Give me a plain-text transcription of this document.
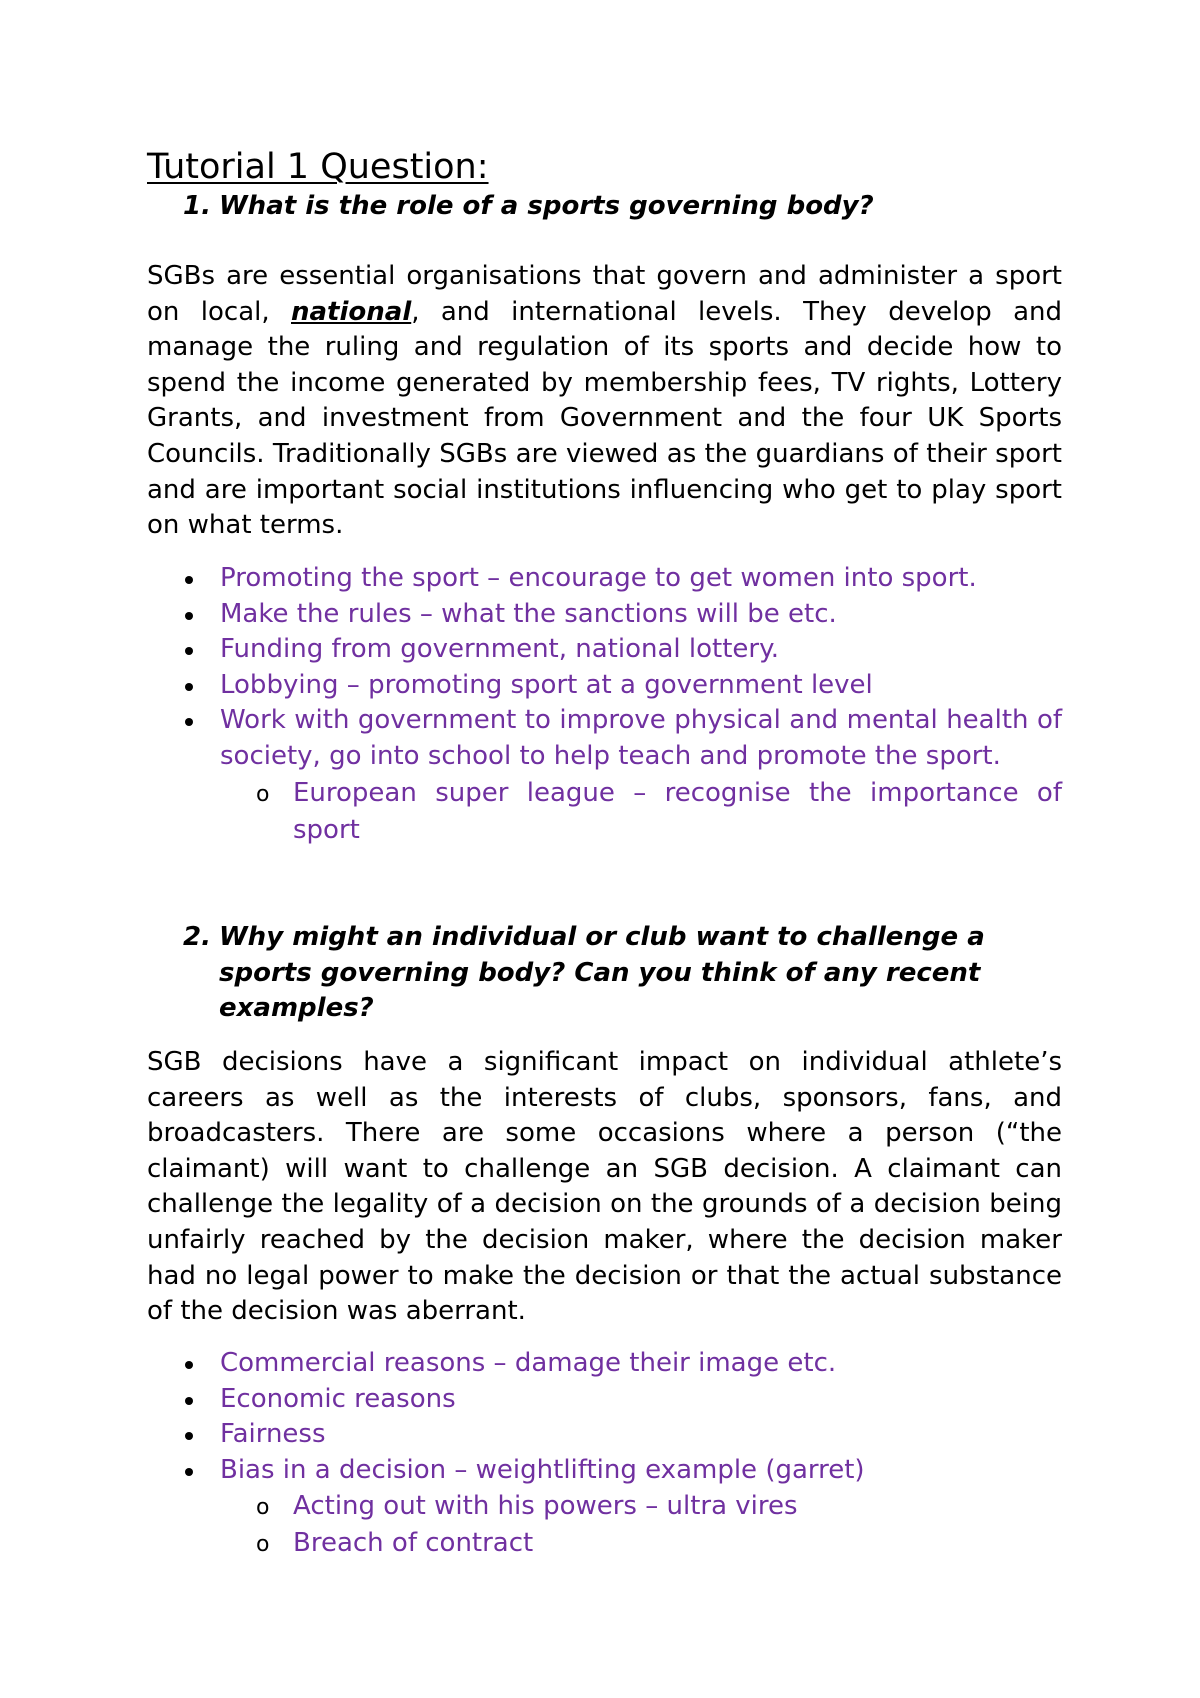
Tutorial 1 Question:
1. What is the role of a sports governing body?

SGBs are essential organisations that govern and administer a sport on local, national, and international levels. They develop and manage the ruling and regulation of its sports and decide how to spend the income generated by membership fees, TV rights, Lottery Grants, and investment from Government and the four UK Sports Councils. Traditionally SGBs are viewed as the guardians of their sport and are important social institutions influencing who get to play sport on what terms.

Promoting the sport – encourage to get women into sport.
Make the rules – what the sanctions will be etc.
Funding from government, national lottery.
Lobbying – promoting sport at a government level
Work with government to improve physical and mental health of society, go into school to help teach and promote the sport.
o European super league – recognise the importance of sport
2. Why might an individual or club want to challenge a sports governing body? Can you think of any recent examples?

SGB decisions have a significant impact on individual athlete’s careers as well as the interests of clubs, sponsors, fans, and broadcasters. There are some occasions where a person (“the claimant) will want to challenge an SGB decision. A claimant can challenge the legality of a decision on the grounds of a decision being unfairly reached by the decision maker, where the decision maker had no legal power to make the decision or that the actual substance of the decision was aberrant.

Commercial reasons – damage their image etc.
Economic reasons
Fairness
Bias in a decision – weightlifting example (garret)
o Acting out with his powers – ultra vires
o Breach of contract
